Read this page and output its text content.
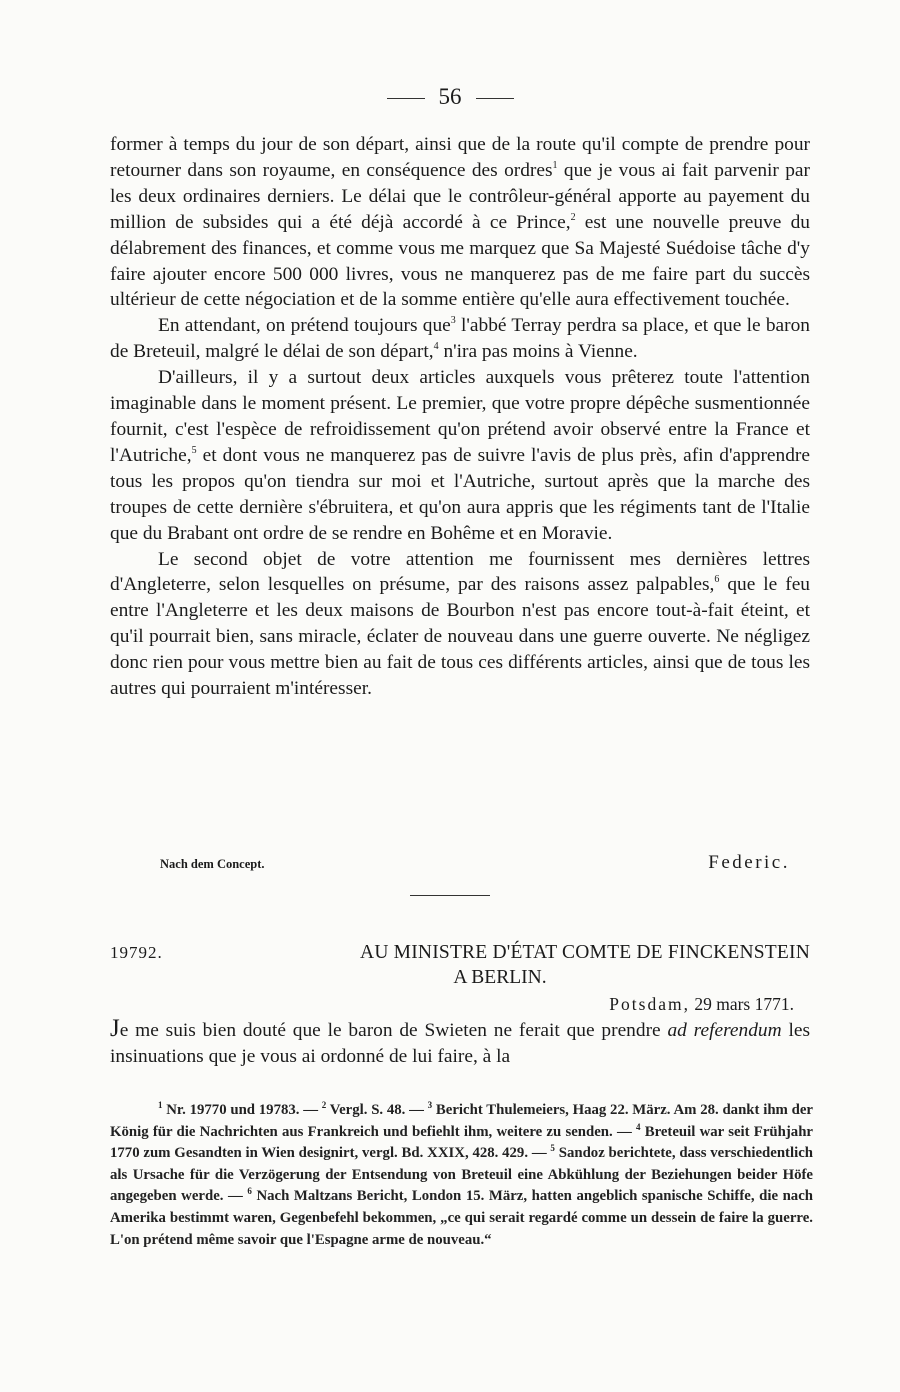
56

former à temps du jour de son départ, ainsi que de la route qu'il compte de prendre pour retourner dans son royaume, en conséquence des ordres$^1$ que je vous ai fait parvenir par les deux ordinaires derniers. Le délai que le contrôleur-général apporte au payement du million de subsides qui a été déjà accordé à ce Prince,$^2$ est une nouvelle preuve du délabrement des finances, et comme vous me marquez que Sa Majesté Suédoise tâche d'y faire ajouter encore 500 000 livres, vous ne manquerez pas de me faire part du succès ultérieur de cette négociation et de la somme entière qu'elle aura effectivement touchée.

En attendant, on prétend toujours que$^3$ l'abbé Terray perdra sa place, et que le baron de Breteuil, malgré le délai de son départ,$^4$ n'ira pas moins à Vienne.

D'ailleurs, il y a surtout deux articles auxquels vous prêterez toute l'attention imaginable dans le moment présent. Le premier, que votre propre dépêche susmentionnée fournit, c'est l'espèce de refroidissement qu'on prétend avoir observé entre la France et l'Autriche,$^5$ et dont vous ne manquerez pas de suivre l'avis de plus près, afin d'apprendre tous les propos qu'on tiendra sur moi et l'Autriche, surtout après que la marche des troupes de cette dernière s'ébruitera, et qu'on aura appris que les régiments tant de l'Italie que du Brabant ont ordre de se rendre en Bohême et en Moravie.

Le second objet de votre attention me fournissent mes dernières lettres d'Angleterre, selon lesquelles on présume, par des raisons assez palpables,$^6$ que le feu entre l'Angleterre et les deux maisons de Bourbon n'est pas encore tout-à-fait éteint, et qu'il pourrait bien, sans miracle, éclater de nouveau dans une guerre ouverte. Ne négligez donc rien pour vous mettre bien au fait de tous ces différents articles, ainsi que de tous les autres qui pourraient m'intéresser.

Nach dem Concept.	Federic.
19792.	AU MINISTRE D'ÉTAT COMTE DE FINCKENSTEIN
A BERLIN.
Potsdam, 29 mars 1771.

Je me suis bien douté que le baron de Swieten ne ferait que prendre ad referendum les insinuations que je vous ai ordonné de lui faire, à la

$^1$ Nr. 19770 und 19783. — $^2$ Vergl. S. 48. — $^3$ Bericht Thulemeiers, Haag 22. März. Am 28. dankt ihm der König für die Nachrichten aus Frankreich und befiehlt ihm, weitere zu senden. — $^4$ Breteuil war seit Frühjahr 1770 zum Gesandten in Wien designirt, vergl. Bd. XXIX, 428. 429. — $^5$ Sandoz berichtete, dass verschiedentlich als Ursache für die Verzögerung der Entsendung von Breteuil eine Abkühlung der Beziehungen beider Höfe angegeben werde. — $^6$ Nach Maltzans Bericht, London 15. März, hatten angeblich spanische Schiffe, die nach Amerika bestimmt waren, Gegenbefehl bekommen, „ce qui serait regardé comme un dessein de faire la guerre. L'on prétend même savoir que l'Espagne arme de nouveau.“
